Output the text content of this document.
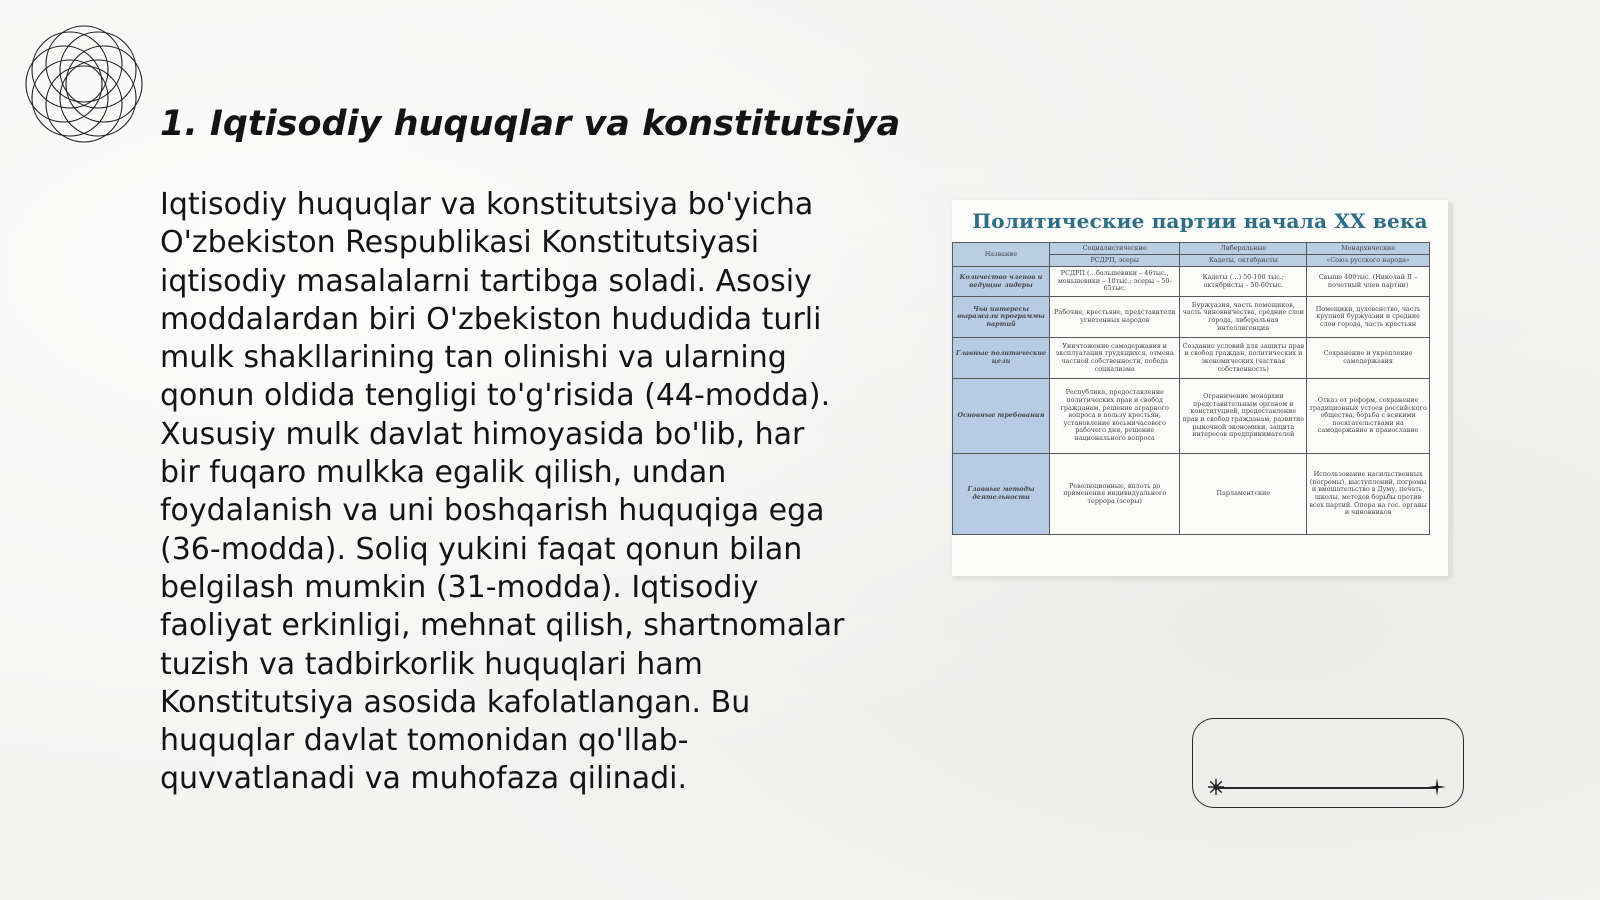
1. Iqtisodiy huquqlar va konstitutsiya

Iqtisodiy huquqlar va konstitutsiya bo'yicha O'zbekiston Respublikasi Konstitutsiyasi iqtisodiy masalalarni tartibga soladi. Asosiy moddalardan biri O'zbekiston hududida turli mulk shakllarining tan olinishi va ularning qonun oldida tengligi to'g'risida (44-modda). Xususiy mulk davlat himoyasida bo'lib, har bir fuqaro mulkka egalik qilish, undan foydalanish va uni boshqarish huquqiga ega (36-modda). Soliq yukini faqat qonun bilan belgilash mumkin (31-modda). Iqtisodiy faoliyat erkinligi, mehnat qilish, shartnomalar tuzish va tadbirkorlik huquqlari ham Konstitutsiya asosida kafolatlangan. Bu huquqlar davlat tomonidan qo'llab-quvvatlanadi va muhofaza qilinadi.

Политические партии начала XX века
Название	Социалистические	Либеральные	Монархические
	РСДРП, эсеры	Кадеты, октябристы	«Союз русского народа»
Количество членов и ведущие лидеры	РСДРП (…большевики – 46тыс., меньшевики – 10тыс.; эсеры – 50-65тыс.	Кадеты (…) 50-100 тыс.; октябристы – 50-60тыс.	Свыше 400тыс. (Николай II – почетный член партии)
Чьи интересы выражали программы партий	Рабочие, крестьяне, представители угнетенных народов	Буржуазия, часть помещиков, часть чиновничества, средние слои города, либеральная интеллигенция	Помещики, духовенство, часть крупной буржуазии и средние слои города, часть крестьян
Главные политические цели	Уничтожение самодержавия и эксплуатации трудящихся, отмена частной собственности, победа социализма	Создание условий для защиты прав и свобод граждан, политических и экономических (частная собственность)	Сохранение и укрепление самодержавия
Основные требования	Республика, предоставление политических прав и свобод гражданам, решение аграрного вопроса в пользу крестьян, установление восьмичасового рабочего дня, решение национального вопроса	Ограничение монархии представительным органом и конституцией, предоставление прав и свобод гражданам, развитие рыночной экономики, защита интересов предпринимателей	Отказ от реформ, сохранение традиционных устоев российского общества, борьба с всякими посягательствами на самодержавие и православие
Главные методы деятельности	Революционные, вплоть до применения индивидуального террора (эсеры)	Парламентские	Использование насильственных (погромы), выступлений, погромы и вмешательство в Думу, печать, школы, методов борьбы против всех партий. Опора на гос. органы и чиновников
